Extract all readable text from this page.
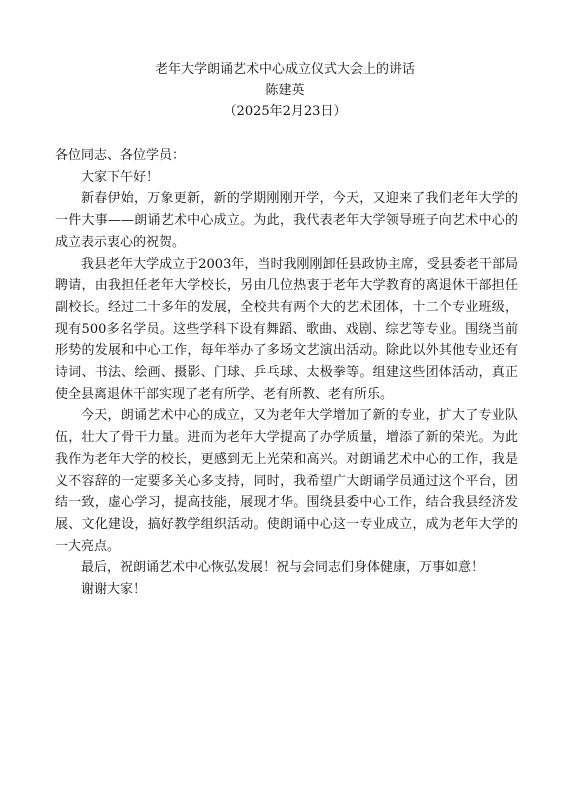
老年大学朗诵艺术中心成立仪式大会上的讲话
陈建英
（2025年2月23日）

各位同志、各位学员：

大家下午好！

新春伊始，万象更新，新的学期刚刚开学，今天，又迎来了我们老年大学的一件大事——朗诵艺术中心成立。为此，我代表老年大学领导班子向艺术中心的成立表示衷心的祝贺。

我县老年大学成立于2003年，当时我刚刚卸任县政协主席，受县委老干部局聘请，由我担任老年大学校长，另由几位热衷于老年大学教育的离退休干部担任副校长。经过二十多年的发展，全校共有两个大的艺术团体，十二个专业班级，现有500多名学员。这些学科下设有舞蹈、歌曲、戏剧、综艺等专业。围绕当前形势的发展和中心工作，每年举办了多场文艺演出活动。除此以外其他专业还有诗词、书法、绘画、摄影、门球、乒乓球、太极拳等。组建这些团体活动，真正使全县离退休干部实现了老有所学、老有所教、老有所乐。

今天，朗诵艺术中心的成立，又为老年大学增加了新的专业，扩大了专业队伍，壮大了骨干力量。进而为老年大学提高了办学质量，增添了新的荣光。为此我作为老年大学的校长，更感到无上光荣和高兴。对朗诵艺术中心的工作，我是义不容辞的一定要多关心多支持，同时，我希望广大朗诵学员通过这个平台，团结一致，虚心学习，提高技能，展现才华。围绕县委中心工作，结合我县经济发展、文化建设，搞好教学组织活动。使朗诵中心这一专业成立，成为老年大学的一大亮点。

最后，祝朗诵艺术中心恢弘发展！祝与会同志们身体健康，万事如意！

谢谢大家！
